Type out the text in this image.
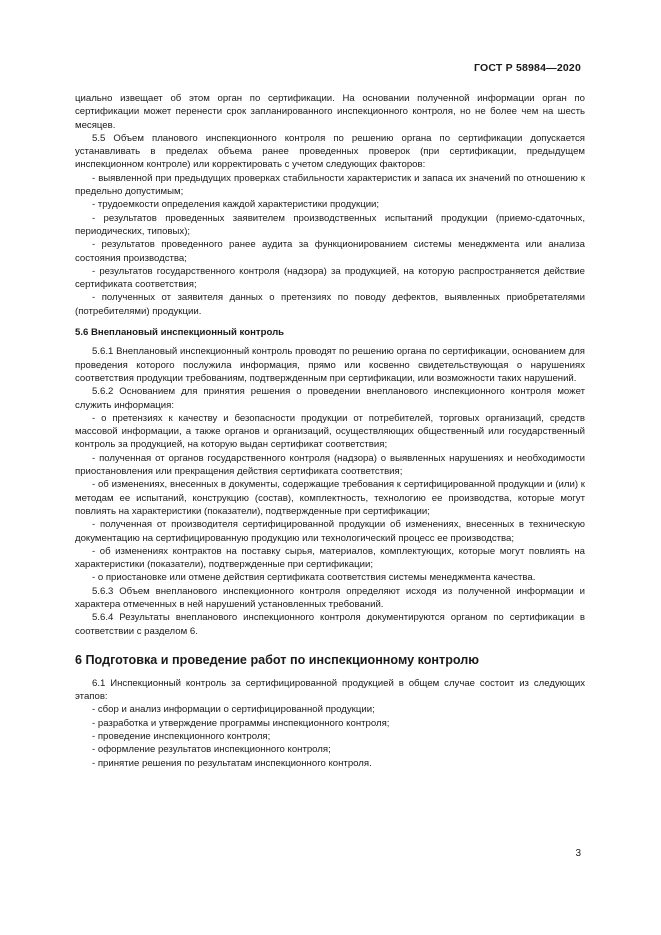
ГОСТ Р 58984—2020

циально извещает об этом орган по сертификации. На основании полученной информации орган по сертификации может перенести срок запланированного инспекционного контроля, но не более чем на шесть месяцев.

5.5 Объем планового инспекционного контроля по решению органа по сертификации допускается устанавливать в пределах объема ранее проведенных проверок (при сертификации, предыдущем инспекционном контроле) или корректировать с учетом следующих факторов:

- выявленной при предыдущих проверках стабильности характеристик и запаса их значений по отношению к предельно допустимым;

- трудоемкости определения каждой характеристики продукции;

- результатов проведенных заявителем производственных испытаний продукции (приемо-сдаточных, периодических, типовых);

- результатов проведенного ранее аудита за функционированием системы менеджмента или анализа состояния производства;

- результатов государственного контроля (надзора) за продукцией, на которую распространяется действие сертификата соответствия;

- полученных от заявителя данных о претензиях по поводу дефектов, выявленных приобретателями (потребителями) продукции.

5.6 Внеплановый инспекционный контроль

5.6.1 Внеплановый инспекционный контроль проводят по решению органа по сертификации, основанием для проведения которого послужила информация, прямо или косвенно свидетельствующая о нарушениях соответствия продукции требованиям, подтвержденным при сертификации, или возможности таких нарушений.

5.6.2 Основанием для принятия решения о проведении внепланового инспекционного контроля может служить информация:

- о претензиях к качеству и безопасности продукции от потребителей, торговых организаций, средств массовой информации, а также органов и организаций, осуществляющих общественный или государственный контроль за продукцией, на которую выдан сертификат соответствия;

- полученная от органов государственного контроля (надзора) о выявленных нарушениях и необходимости приостановления или прекращения действия сертификата соответствия;

- об изменениях, внесенных в документы, содержащие требования к сертифицированной продукции и (или) к методам ее испытаний, конструкцию (состав), комплектность, технологию ее производства, которые могут повлиять на характеристики (показатели), подтвержденные при сертификации;

- полученная от производителя сертифицированной продукции об изменениях, внесенных в техническую документацию на сертифицированную продукцию или технологический процесс ее производства;

- об изменениях контрактов на поставку сырья, материалов, комплектующих, которые могут повлиять на характеристики (показатели), подтвержденные при сертификации;

- о приостановке или отмене действия сертификата соответствия системы менеджмента качества.

5.6.3 Объем внепланового инспекционного контроля определяют исходя из полученной информации и характера отмеченных в ней нарушений установленных требований.

5.6.4 Результаты внепланового инспекционного контроля документируются органом по сертификации в соответствии с разделом 6.

6 Подготовка и проведение работ по инспекционному контролю

6.1 Инспекционный контроль за сертифицированной продукцией в общем случае состоит из следующих этапов:

- сбор и анализ информации о сертифицированной продукции;

- разработка и утверждение программы инспекционного контроля;

- проведение инспекционного контроля;

- оформление результатов инспекционного контроля;

- принятие решения по результатам инспекционного контроля.

3
